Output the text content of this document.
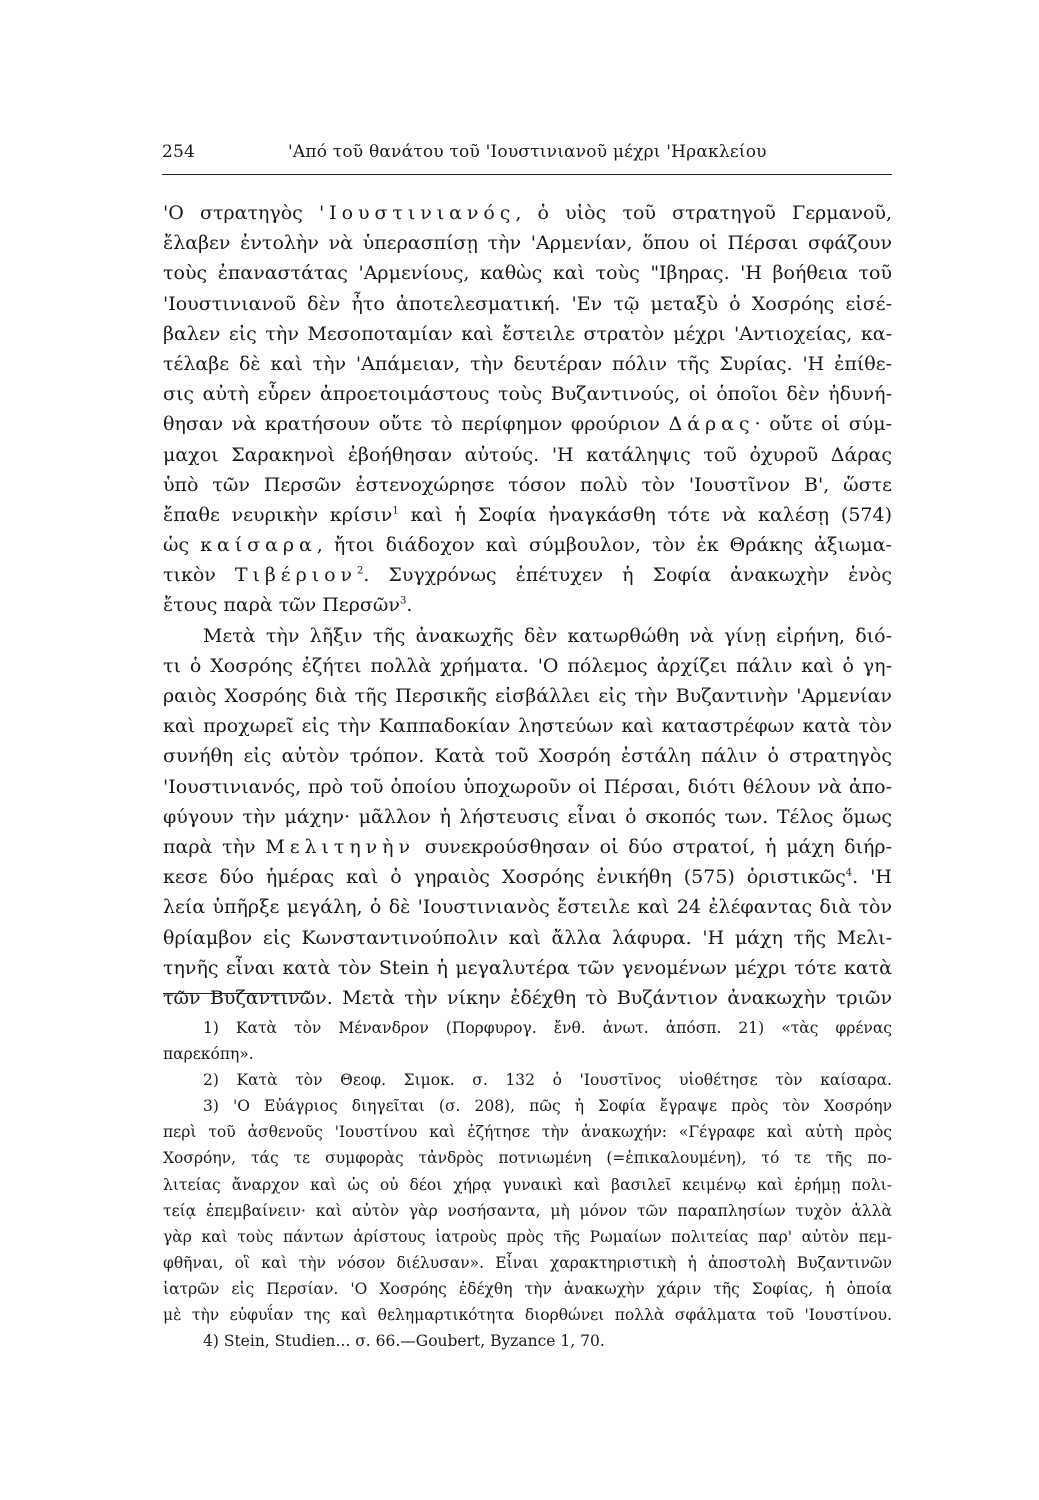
254	'Από τοῦ θανάτου τοῦ 'Ιουστινιανοῦ μέχρι 'Ηρακλείου
'Ο στρατηγὸς 'Ιουστινιανός, ὁ υἱὸς τοῦ στρατηγοῦ Γερμανοῦ,
ἔλαβεν ἐντολὴν νὰ ὑπερασπίσῃ τὴν 'Αρμενίαν, ὅπου οἱ Πέρσαι σφάζουν
τοὺς ἐπαναστάτας 'Αρμενίους, καθὼς καὶ τοὺς "Ιβηρας. 'Η βοήθεια τοῦ
'Ιουστινιανοῦ δὲν ἦτο ἀποτελεσματική. 'Εν τῷ μεταξὺ ὁ Χοσρόης εἰσέ-
βαλεν εἰς τὴν Μεσοποταμίαν καὶ ἔστειλε στρατὸν μέχρι 'Αντιοχείας, κα-
τέλαβε δὲ καὶ τὴν 'Απάμειαν, τὴν δευτέραν πόλιν τῆς Συρίας. 'Η ἐπίθε-
σις αὐτὴ εὗρεν ἀπροετοιμάστους τοὺς Βυζαντινούς, οἱ ὁποῖοι δὲν ἠδυνή-
θησαν νὰ κρατήσουν οὔτε τὸ περίφημον φρούριον Δάρας· οὔτε οἱ σύμ-
μαχοι Σαρακηνοὶ ἐβοήθησαν αὐτούς. 'Η κατάληψις τοῦ ὀχυροῦ Δάρας
ὑπὸ τῶν Περσῶν ἐστενοχώρησε τόσον πολὺ τὸν 'Ιουστῖνον Β', ὥστε
ἔπαθε νευρικὴν κρίσιν$^1$ καὶ ἡ Σοφία ἠναγκάσθη τότε νὰ καλέσῃ (574)
ὡς καίσαρα, ἤτοι διάδοχον καὶ σύμβουλον, τὸν ἐκ Θράκης ἀξιωμα-
τικὸν Τιβέριον$^2$. Συγχρόνως ἐπέτυχεν ἡ Σοφία ἀνακωχὴν ἑνὸς
ἔτους παρὰ τῶν Περσῶν$^3$.
Μετὰ τὴν λῆξιν τῆς ἀνακωχῆς δὲν κατωρθώθη νὰ γίνῃ εἰρήνη, διό-
τι ὁ Χοσρόης ἐζήτει πολλὰ χρήματα. 'Ο πόλεμος ἀρχίζει πάλιν καὶ ὁ γη-
ραιὸς Χοσρόης διὰ τῆς Περσικῆς εἰσβάλλει εἰς τὴν Βυζαντινὴν 'Αρμενίαν
καὶ προχωρεῖ εἰς τὴν Καππαδοκίαν ληστεύων καὶ καταστρέφων κατὰ τὸν
συνήθη εἰς αὐτὸν τρόπον. Κατὰ τοῦ Χοσρόη ἐστάλη πάλιν ὁ στρατηγὸς
'Ιουστινιανός, πρὸ τοῦ ὁποίου ὑποχωροῦν οἱ Πέρσαι, διότι θέλουν νὰ ἀπο-
φύγουν τὴν μάχην· μᾶλλον ἡ λήστευσις εἶναι ὁ σκοπός των. Τέλος ὅμως
παρὰ τὴν Μελιτηνὴν συνεκρούσθησαν οἱ δύο στρατοί, ἡ μάχη διήρ-
κεσε δύο ἡμέρας καὶ ὁ γηραιὸς Χοσρόης ἐνικήθη (575) ὁριστικῶς$^4$. 'Η
λεία ὑπῆρξε μεγάλη, ὁ δὲ 'Ιουστινιανὸς ἔστειλε καὶ 24 ἐλέφαντας διὰ τὸν
θρίαμβον εἰς Κωνσταντινούπολιν καὶ ἄλλα λάφυρα. 'Η μάχη τῆς Μελι-
τηνῆς εἶναι κατὰ τὸν Stein ἡ μεγαλυτέρα τῶν γενομένων μέχρι τότε κατὰ
τῶν Βυζαντινῶν. Μετὰ τὴν νίκην ἐδέχθη τὸ Βυζάντιον ἀνακωχὴν τριῶν
1) Κατὰ τὸν Μένανδρον (Πορφυρογ. ἔνθ. ἀνωτ. ἀπόσπ. 21) «τὰς φρένας
παρεκόπη».
2) Κατὰ τὸν Θεοφ. Σιμοκ. σ. 132 ὁ 'Ιουστῖνος υἱοθέτησε τὸν καίσαρα.
3) 'Ο Εὐάγριος διηγεῖται (σ. 208), πῶς ἡ Σοφία ἔγραψε πρὸς τὸν Χοσρόην
περὶ τοῦ ἀσθενοῦς 'Ιουστίνου καὶ ἐζήτησε τὴν ἀνακωχήν: «Γέγραφε καὶ αὐτὴ πρὸς
Χοσρόην, τάς τε συμφορὰς τἀνδρὸς ποτνιωμένη (=ἐπικαλουμένη), τό τε τῆς πο-
λιτείας ἄναρχον καὶ ὡς οὐ δέοι χήρᾳ γυναικὶ καὶ βασιλεῖ κειμένῳ καὶ ἐρήμῃ πολι-
τείᾳ ἐπεμβαίνειν· καὶ αὐτὸν γὰρ νοσήσαντα, μὴ μόνον τῶν παραπλησίων τυχὸν ἀλλὰ
γὰρ καὶ τοὺς πάντων ἀρίστους ἰατροὺς πρὸς τῆς Ρωμαίων πολιτείας παρ' αὐτὸν πεμ-
φθῆναι, οἳ καὶ τὴν νόσον διέλυσαν». Εἶναι χαρακτηριστικὴ ἡ ἀποστολὴ Βυζαντινῶν
ἰατρῶν εἰς Περσίαν. 'Ο Χοσρόης ἐδέχθη τὴν ἀνακωχὴν χάριν τῆς Σοφίας, ἡ ὁποία
μὲ τὴν εὐφυΐαν της καὶ θελημαρτικότητα διορθώνει πολλὰ σφάλματα τοῦ 'Ιουστίνου.
4) Stein, Studien... σ. 66.—Goubert, Byzance 1, 70.
